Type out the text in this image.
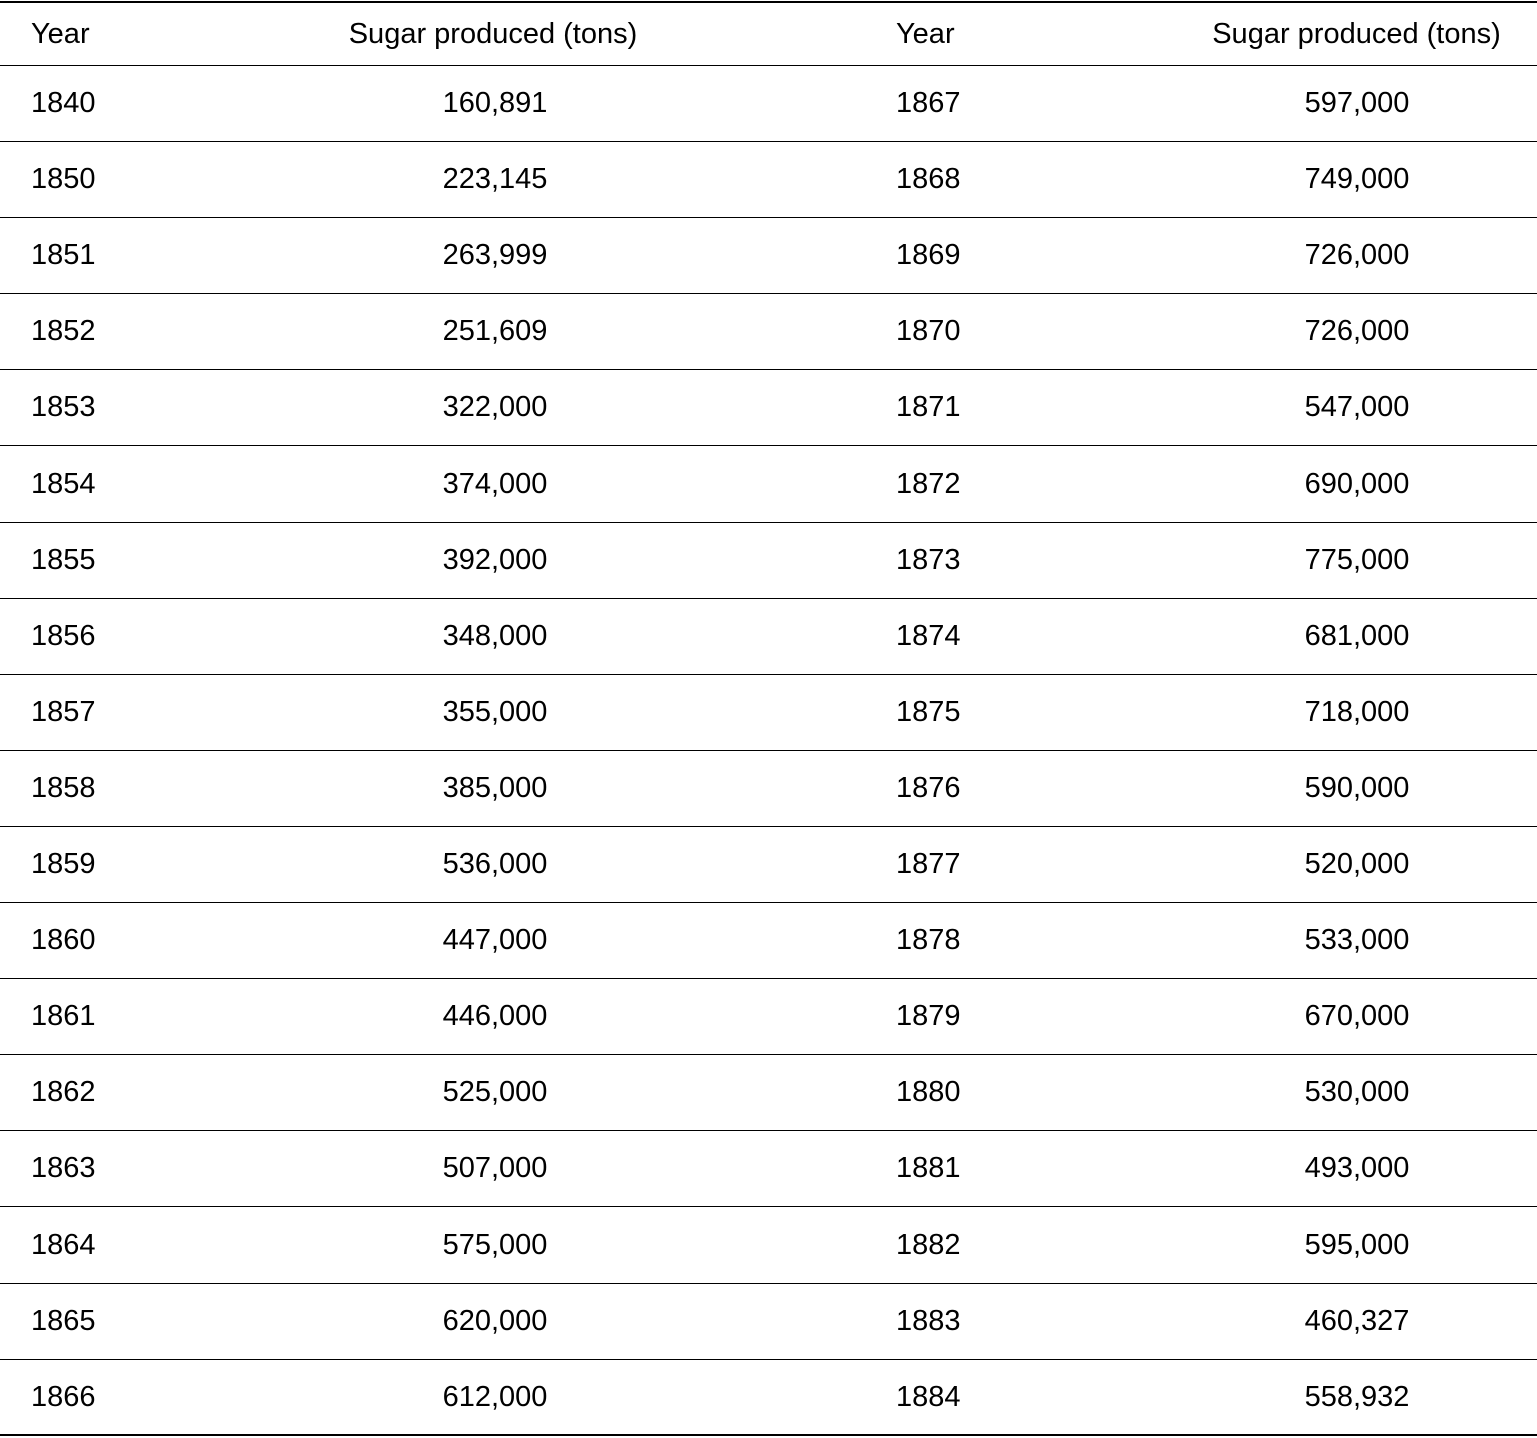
Year	Sugar produced (tons)	Year	Sugar produced (tons)
1840	160,891	1867	597,000
1850	223,145	1868	749,000
1851	263,999	1869	726,000
1852	251,609	1870	726,000
1853	322,000	1871	547,000
1854	374,000	1872	690,000
1855	392,000	1873	775,000
1856	348,000	1874	681,000
1857	355,000	1875	718,000
1858	385,000	1876	590,000
1859	536,000	1877	520,000
1860	447,000	1878	533,000
1861	446,000	1879	670,000
1862	525,000	1880	530,000
1863	507,000	1881	493,000
1864	575,000	1882	595,000
1865	620,000	1883	460,327
1866	612,000	1884	558,932
